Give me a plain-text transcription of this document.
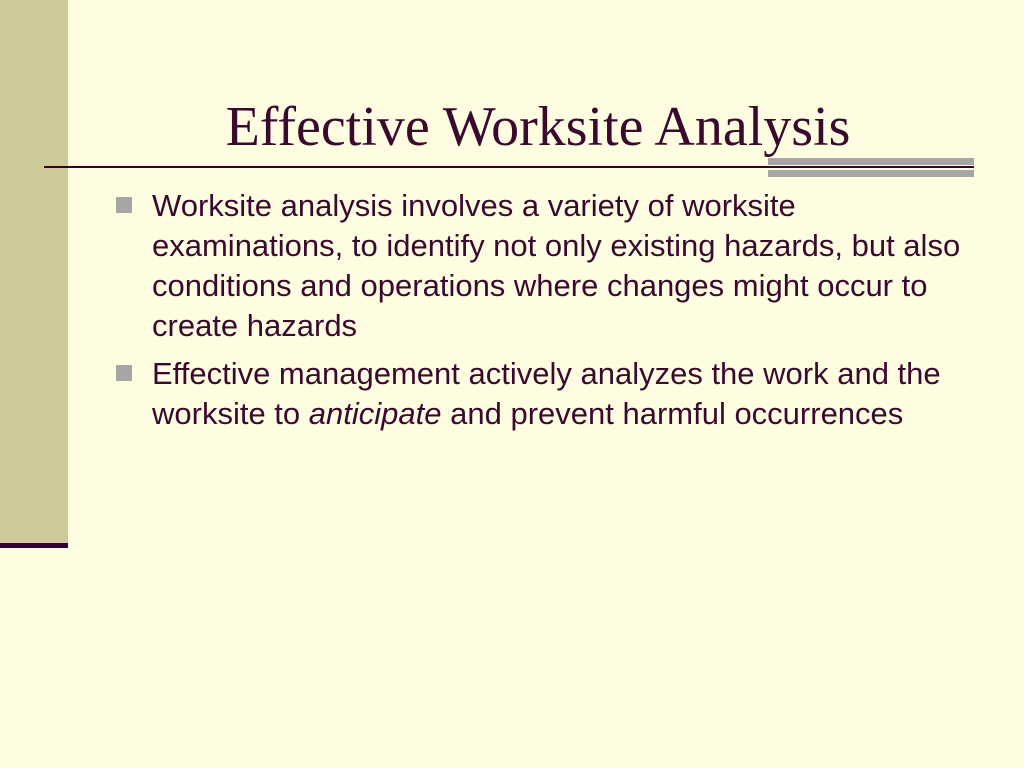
Effective Worksite Analysis
Worksite analysis involves a variety of worksite examinations, to identify not only existing hazards, but also conditions and operations where changes might occur to create hazards
Effective management actively analyzes the work and the worksite to anticipate and prevent harmful occurrences
